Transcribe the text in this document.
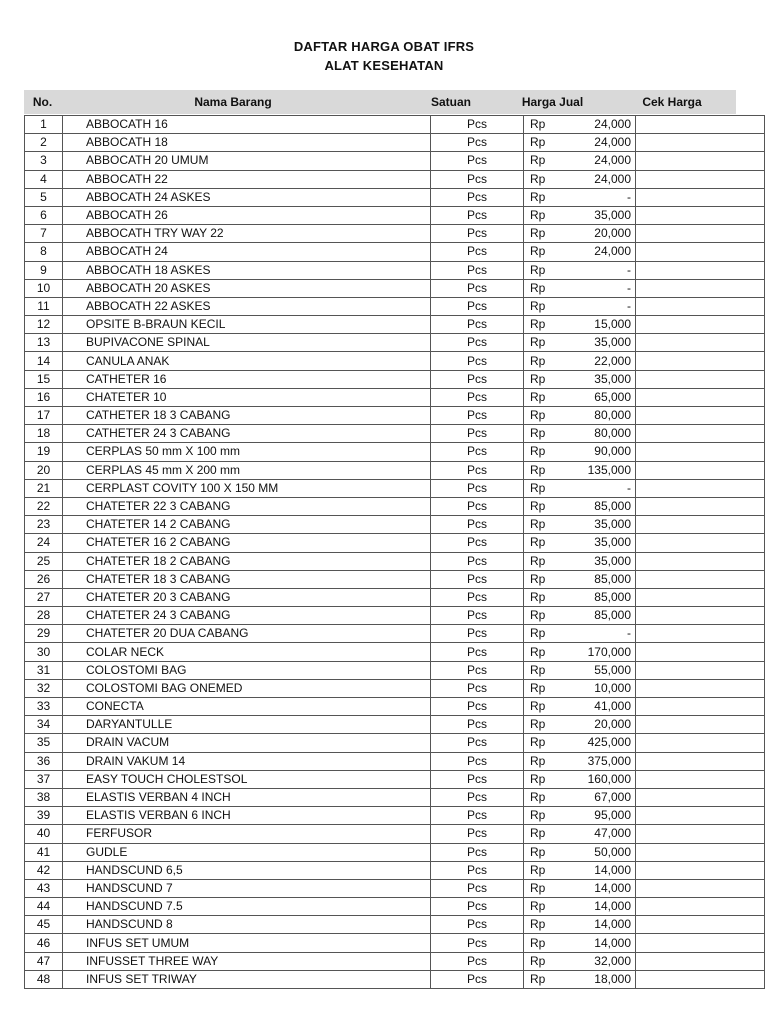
DAFTAR HARGA OBAT IFRS
ALAT KESEHATAN
No.	Nama Barang	Satuan	Harga Jual	Cek Harga
1	ABBOCATH 16	Pcs	Rp 24,000	

2	ABBOCATH 18	Pcs	Rp 24,000	

3	ABBOCATH 20 UMUM	Pcs	Rp 24,000	

4	ABBOCATH 22	Pcs	Rp 24,000	

5	ABBOCATH 24 ASKES	Pcs	Rp -	

6	ABBOCATH 26	Pcs	Rp 35,000	

7	ABBOCATH TRY WAY 22	Pcs	Rp 20,000	

8	ABBOCATH 24	Pcs	Rp 24,000	

9	ABBOCATH 18 ASKES	Pcs	Rp -	

10	ABBOCATH 20 ASKES	Pcs	Rp -	

11	ABBOCATH 22 ASKES	Pcs	Rp -	

12	OPSITE B-BRAUN KECIL	Pcs	Rp 15,000	

13	BUPIVACONE SPINAL	Pcs	Rp 35,000	

14	CANULA ANAK	Pcs	Rp 22,000	

15	CATHETER 16	Pcs	Rp 35,000	

16	CHATETER 10	Pcs	Rp 65,000	

17	CATHETER 18 3 CABANG	Pcs	Rp 80,000	

18	CATHETER 24 3 CABANG	Pcs	Rp 80,000	

19	CERPLAS 50 mm X 100 mm	Pcs	Rp 90,000	

20	CERPLAS 45 mm X 200 mm	Pcs	Rp 135,000	

21	CERPLAST COVITY 100 X 150 MM	Pcs	Rp -	

22	CHATETER 22 3 CABANG	Pcs	Rp 85,000	

23	CHATETER 14 2 CABANG	Pcs	Rp 35,000	

24	CHATETER 16 2 CABANG	Pcs	Rp 35,000	

25	CHATETER 18 2 CABANG	Pcs	Rp 35,000	

26	CHATETER 18 3 CABANG	Pcs	Rp 85,000	

27	CHATETER 20 3 CABANG	Pcs	Rp 85,000	

28	CHATETER 24 3 CABANG	Pcs	Rp 85,000	

29	CHATETER 20 DUA CABANG	Pcs	Rp -	

30	COLAR NECK	Pcs	Rp 170,000	

31	COLOSTOMI BAG	Pcs	Rp 55,000	

32	COLOSTOMI BAG ONEMED	Pcs	Rp 10,000	

33	CONECTA	Pcs	Rp 41,000	

34	DARYANTULLE	Pcs	Rp 20,000	

35	DRAIN VACUM	Pcs	Rp 425,000	

36	DRAIN VAKUM 14	Pcs	Rp 375,000	

37	EASY TOUCH CHOLESTSOL	Pcs	Rp 160,000	

38	ELASTIS VERBAN 4 INCH	Pcs	Rp 67,000	

39	ELASTIS VERBAN 6 INCH	Pcs	Rp 95,000	

40	FERFUSOR	Pcs	Rp 47,000	

41	GUDLE	Pcs	Rp 50,000	

42	HANDSCUND 6,5	Pcs	Rp 14,000	

43	HANDSCUND 7	Pcs	Rp 14,000	

44	HANDSCUND 7.5	Pcs	Rp 14,000	

45	HANDSCUND 8	Pcs	Rp 14,000	

46	INFUS SET UMUM	Pcs	Rp 14,000	

47	INFUSSET THREE WAY	Pcs	Rp 32,000	

48	INFUS SET TRIWAY	Pcs	Rp 18,000	
